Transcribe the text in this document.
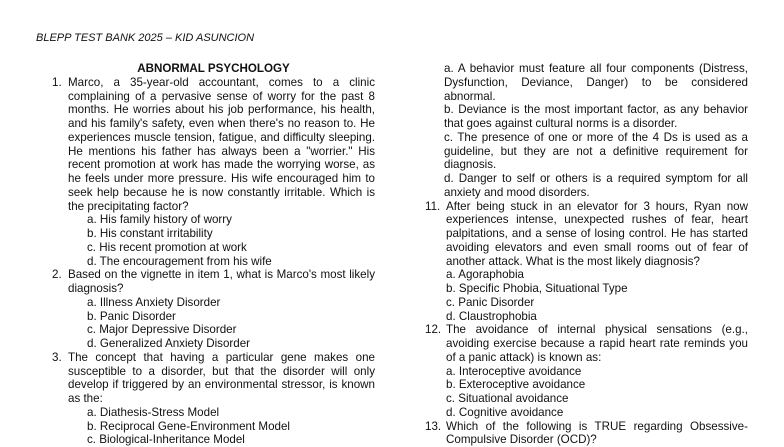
BLEPP TEST BANK 2025 – KID ASUNCION
ABNORMAL PSYCHOLOGY
1. Marco, a 35-year-old accountant, comes to a clinic complaining of a pervasive sense of worry for the past 8 months. He worries about his job performance, his health, and his family's safety, even when there's no reason to. He experiences muscle tension, fatigue, and difficulty sleeping. He mentions his father has always been a "worrier." His recent promotion at work has made the worrying worse, as he feels under more pressure. His wife encouraged him to seek help because he is now constantly irritable. Which is the precipitating factor?
a. His family history of worry
b. His constant irritability
c. His recent promotion at work
d. The encouragement from his wife
2. Based on the vignette in item 1, what is Marco's most likely diagnosis?
a. Illness Anxiety Disorder
b. Panic Disorder
c. Major Depressive Disorder
d. Generalized Anxiety Disorder
3. The concept that having a particular gene makes one susceptible to a disorder, but that the disorder will only develop if triggered by an environmental stressor, is known as the:
a. Diathesis-Stress Model
b. Reciprocal Gene-Environment Model
c. Biological-Inheritance Model
a. A behavior must feature all four components (Distress, Dysfunction, Deviance, Danger) to be considered abnormal.
b. Deviance is the most important factor, as any behavior that goes against cultural norms is a disorder.
c. The presence of one or more of the 4 Ds is used as a guideline, but they are not a definitive requirement for diagnosis.
d. Danger to self or others is a required symptom for all anxiety and mood disorders.
11. After being stuck in an elevator for 3 hours, Ryan now experiences intense, unexpected rushes of fear, heart palpitations, and a sense of losing control. He has started avoiding elevators and even small rooms out of fear of another attack. What is the most likely diagnosis?
a. Agoraphobia
b. Specific Phobia, Situational Type
c. Panic Disorder
d. Claustrophobia
12. The avoidance of internal physical sensations (e.g., avoiding exercise because a rapid heart rate reminds you of a panic attack) is known as:
a. Interoceptive avoidance
b. Exteroceptive avoidance
c. Situational avoidance
d. Cognitive avoidance
13. Which of the following is TRUE regarding Obsessive-Compulsive Disorder (OCD)?
